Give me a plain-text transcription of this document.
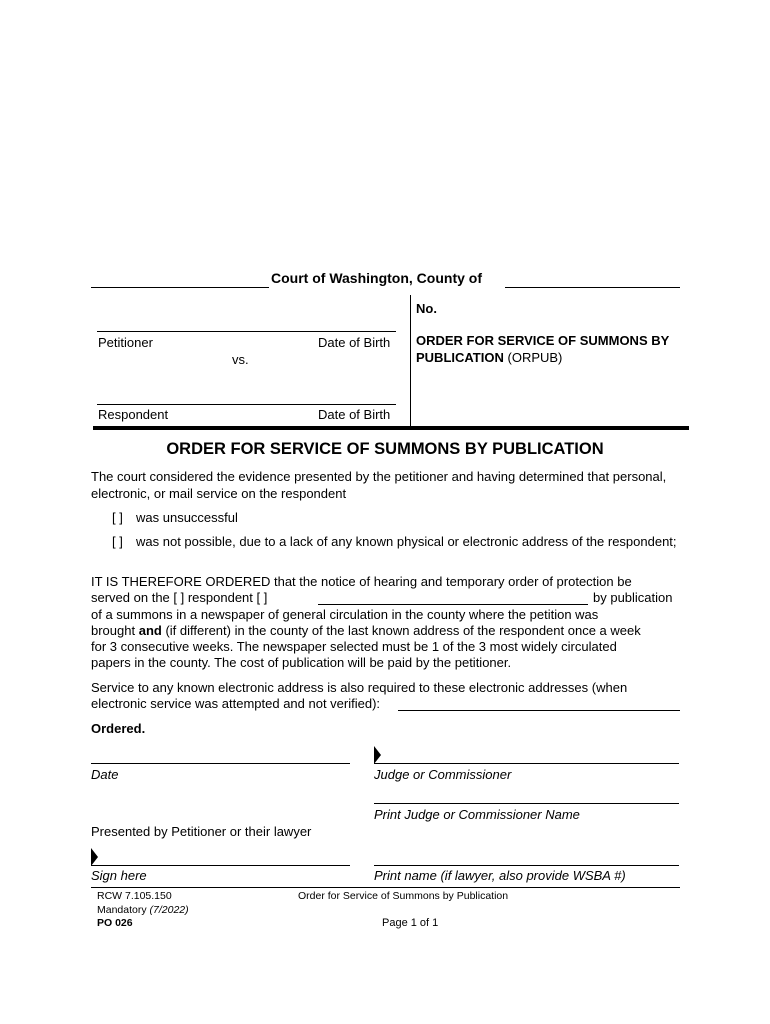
Court of Washington, County of
No.
ORDER FOR SERVICE OF SUMMONS BY PUBLICATION (ORPUB)
Petitioner	Date of Birth
vs.
Respondent	Date of Birth
ORDER FOR SERVICE OF SUMMONS BY PUBLICATION
The court considered the evidence presented by the petitioner and having determined that personal, electronic, or mail service on the respondent
[ ] was unsuccessful
[ ] was not possible, due to a lack of any known physical or electronic address of the respondent;
IT IS THEREFORE ORDERED that the notice of hearing and temporary order of protection be
served on the [ ] respondent [ ]	by publication
of a summons in a newspaper of general circulation in the county where the petition was
brought and (if different) in the county of the last known address of the respondent once a week
for 3 consecutive weeks. The newspaper selected must be 1 of the 3 most widely circulated
papers in the county. The cost of publication will be paid by the petitioner.
Service to any known electronic address is also required to these electronic addresses (when
electronic service was attempted and not verified):
Ordered.
Date	Judge or Commissioner
Print Judge or Commissioner Name
Presented by Petitioner or their lawyer
Sign here	Print name (if lawyer, also provide WSBA #)
RCW 7.105.150
Mandatory (7/2022)
PO 026
Order for Service of Summons by Publication
Page 1 of 1
